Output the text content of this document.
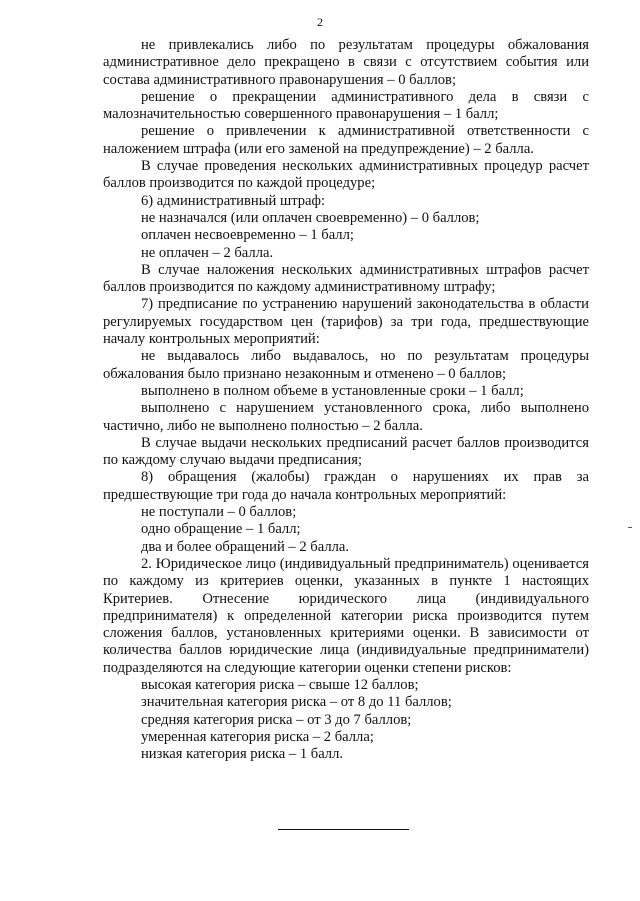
2

не привлекались либо по результатам процедуры обжалования административное дело прекращено в связи с отсутствием события или состава административного правонарушения – 0 баллов;

решение о прекращении административного дела в связи с малозначительностью совершенного правонарушения – 1 балл;

решение о привлечении к административной ответственности с наложением штрафа (или его заменой на предупреждение) – 2 балла.

В случае проведения нескольких административных процедур расчет баллов производится по каждой процедуре;

6) административный штраф:

не назначался (или оплачен своевременно) – 0 баллов;

оплачен несвоевременно – 1 балл;

не оплачен – 2 балла.

В случае наложения нескольких административных штрафов расчет баллов производится по каждому административному штрафу;

7) предписание по устранению нарушений законодательства в области регулируемых государством цен (тарифов) за три года, предшествующие началу контрольных мероприятий:

не выдавалось либо выдавалось, но по результатам процедуры обжалования было признано незаконным и отменено – 0 баллов;

выполнено в полном объеме в установленные сроки – 1 балл;

выполнено с нарушением установленного срока, либо выполнено частично, либо не выполнено полностью – 2 балла.

В случае выдачи нескольких предписаний расчет баллов производится по каждому случаю выдачи предписания;

8) обращения (жалобы) граждан о нарушениях их прав за предшествующие три года до начала контрольных мероприятий:

не поступали – 0 баллов;

одно обращение – 1 балл;

два и более обращений – 2 балла.

2. Юридическое лицо (индивидуальный предприниматель) оценивается по каждому из критериев оценки, указанных в пункте 1 настоящих Критериев. Отнесение юридического лица (индивидуального предпринимателя) к определенной категории риска производится путем сложения баллов, установленных критериями оценки. В зависимости от количества баллов юридические лица (индивидуальные предприниматели) подразделяются на следующие категории оценки степени рисков:

высокая категория риска – свыше 12 баллов;

значительная категория риска – от 8 до 11 баллов;

средняя категория риска – от 3 до 7 баллов;

умеренная категория риска – 2 балла;

низкая категория риска – 1 балл.
